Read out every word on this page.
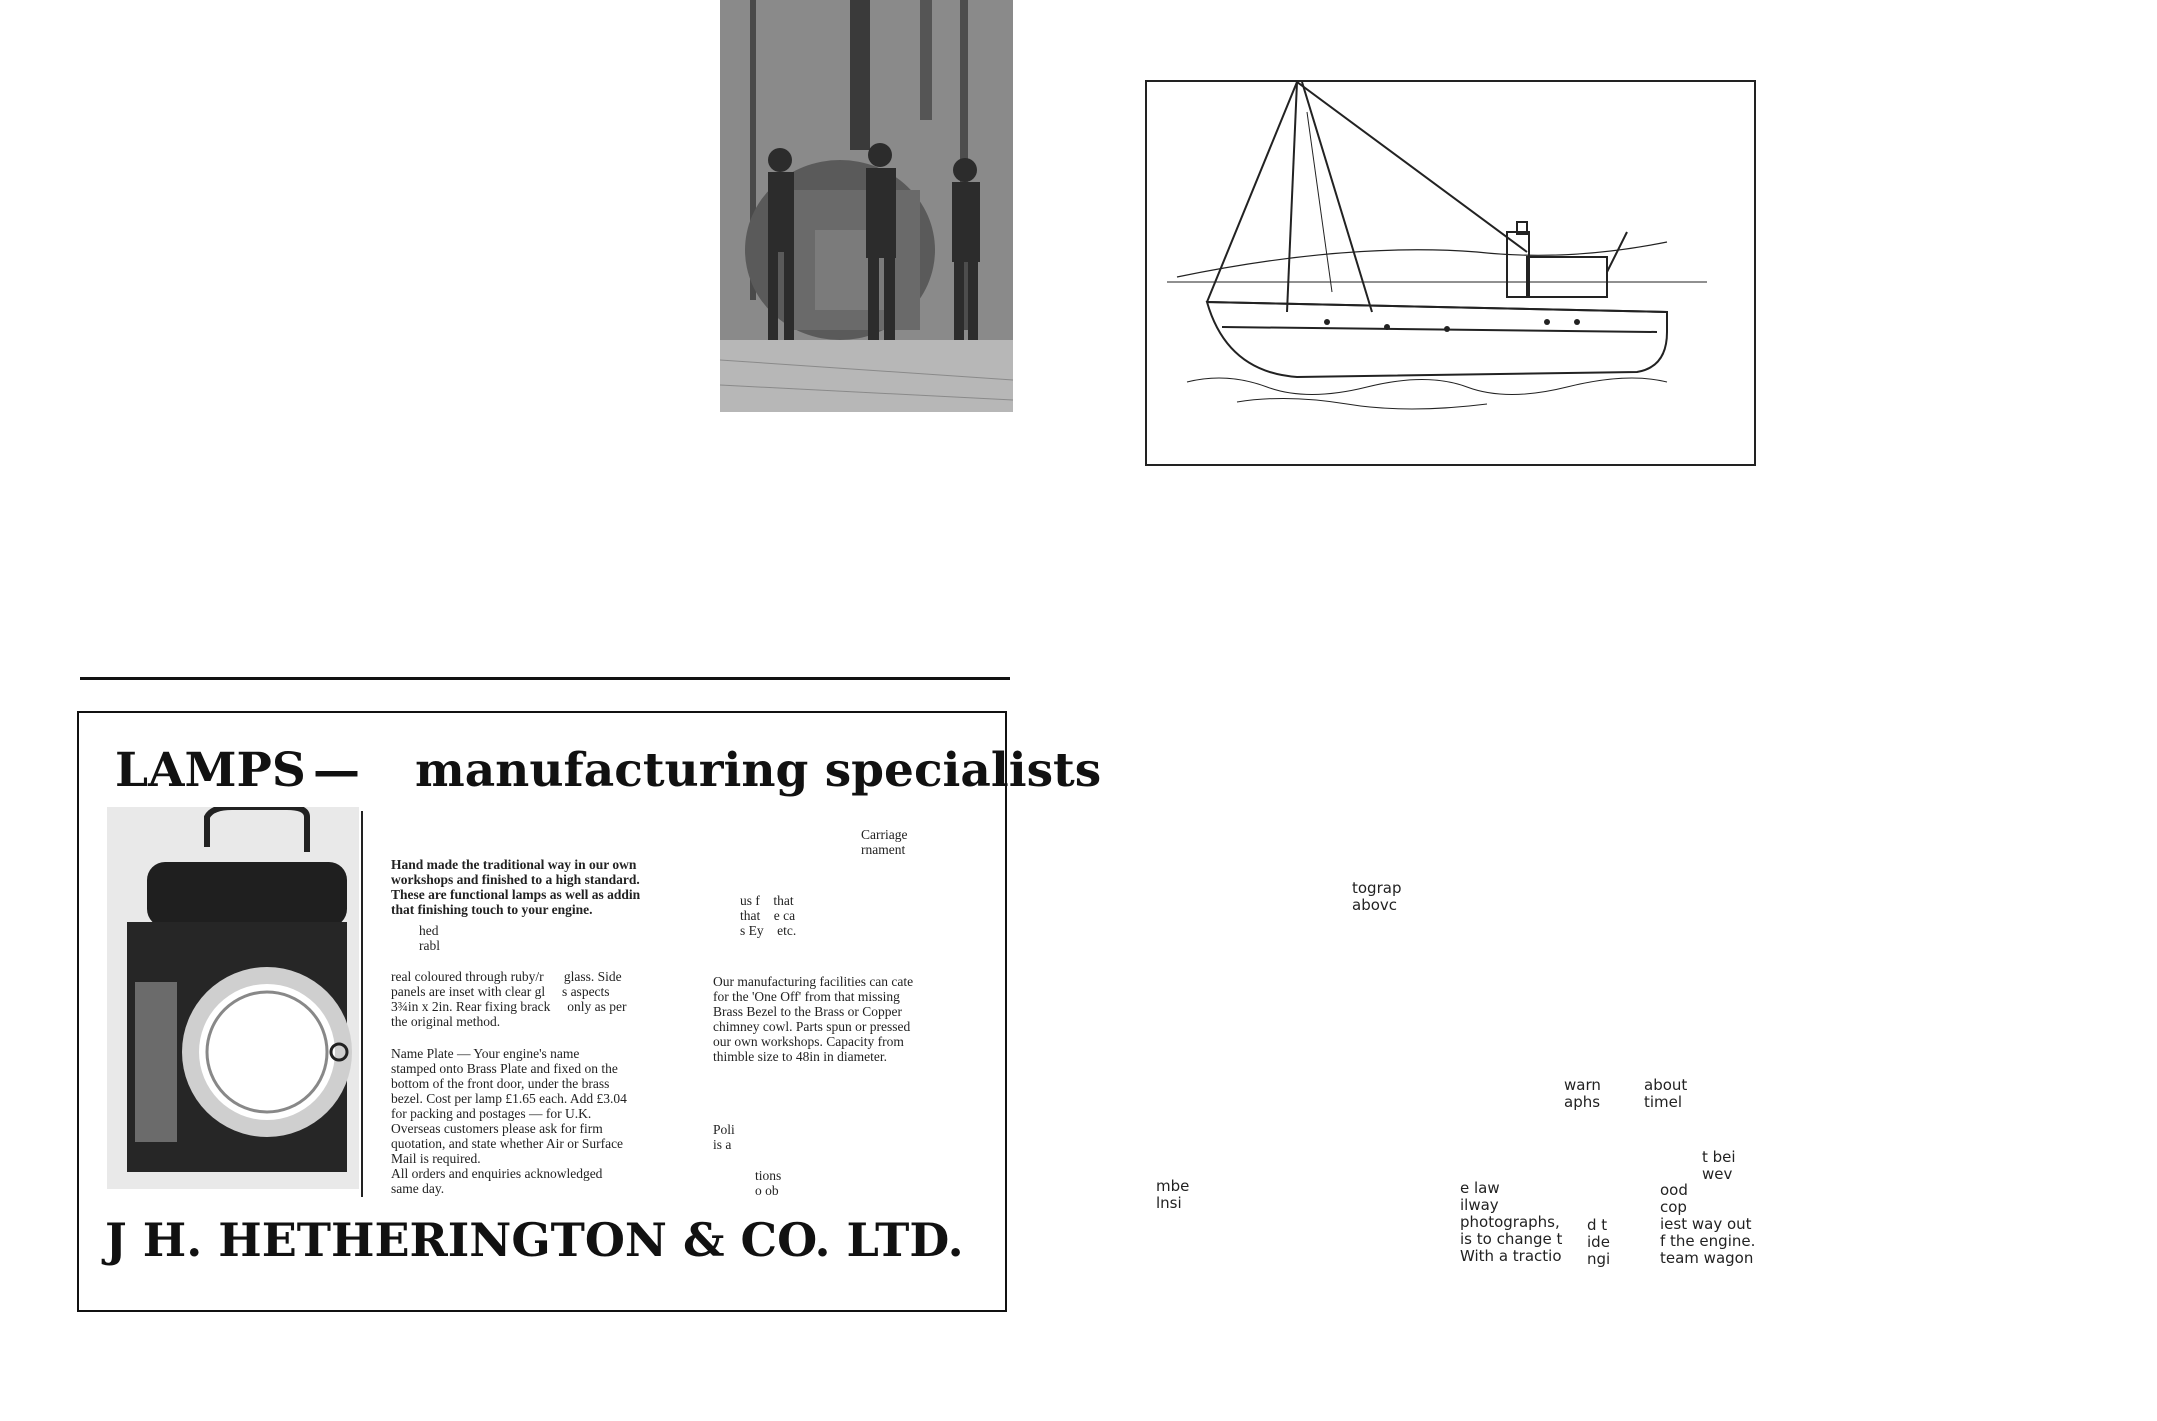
LAMPS — manufacturing specialists
Hand made the traditional way in our own
workshops and finished to a high standard.
These are functional lamps as well as addin
that finishing touch to your engine.
hed
rabl
real coloured through ruby/r      glass. Side
panels are inset with clear gl     s aspects
3¾in x 2in. Rear fixing brack     only as per
the original method.
Name Plate — Your engine's name
stamped onto Brass Plate and fixed on the
bottom of the front door, under the brass
bezel. Cost per lamp £1.65 each. Add £3.04
for packing and postages — for U.K.
Overseas customers please ask for firm
quotation, and state whether Air or Surface
Mail is required.
All orders and enquiries acknowledged
same day.
Carriage
rnament
us f    that
that    e ca
s Ey    etc.
Our manufacturing facilities can cate
for the 'One Off' from that missing
Brass Bezel to the Brass or Copper
chimney cowl. Parts spun or pressed
our own workshops. Capacity from
thimble size to 48in in diameter.
Poli
is a
tions
o ob
J H. HETHERINGTON & CO. LTD.
tograp
abovc
warn
aphs
about
timel
t bei
wev
mbe
lnsi
e law
ilway
photographs,
is to change t
With a tractio
d t
ide
ngi
ood
cop
iest way out
f the engine.
team wagon
